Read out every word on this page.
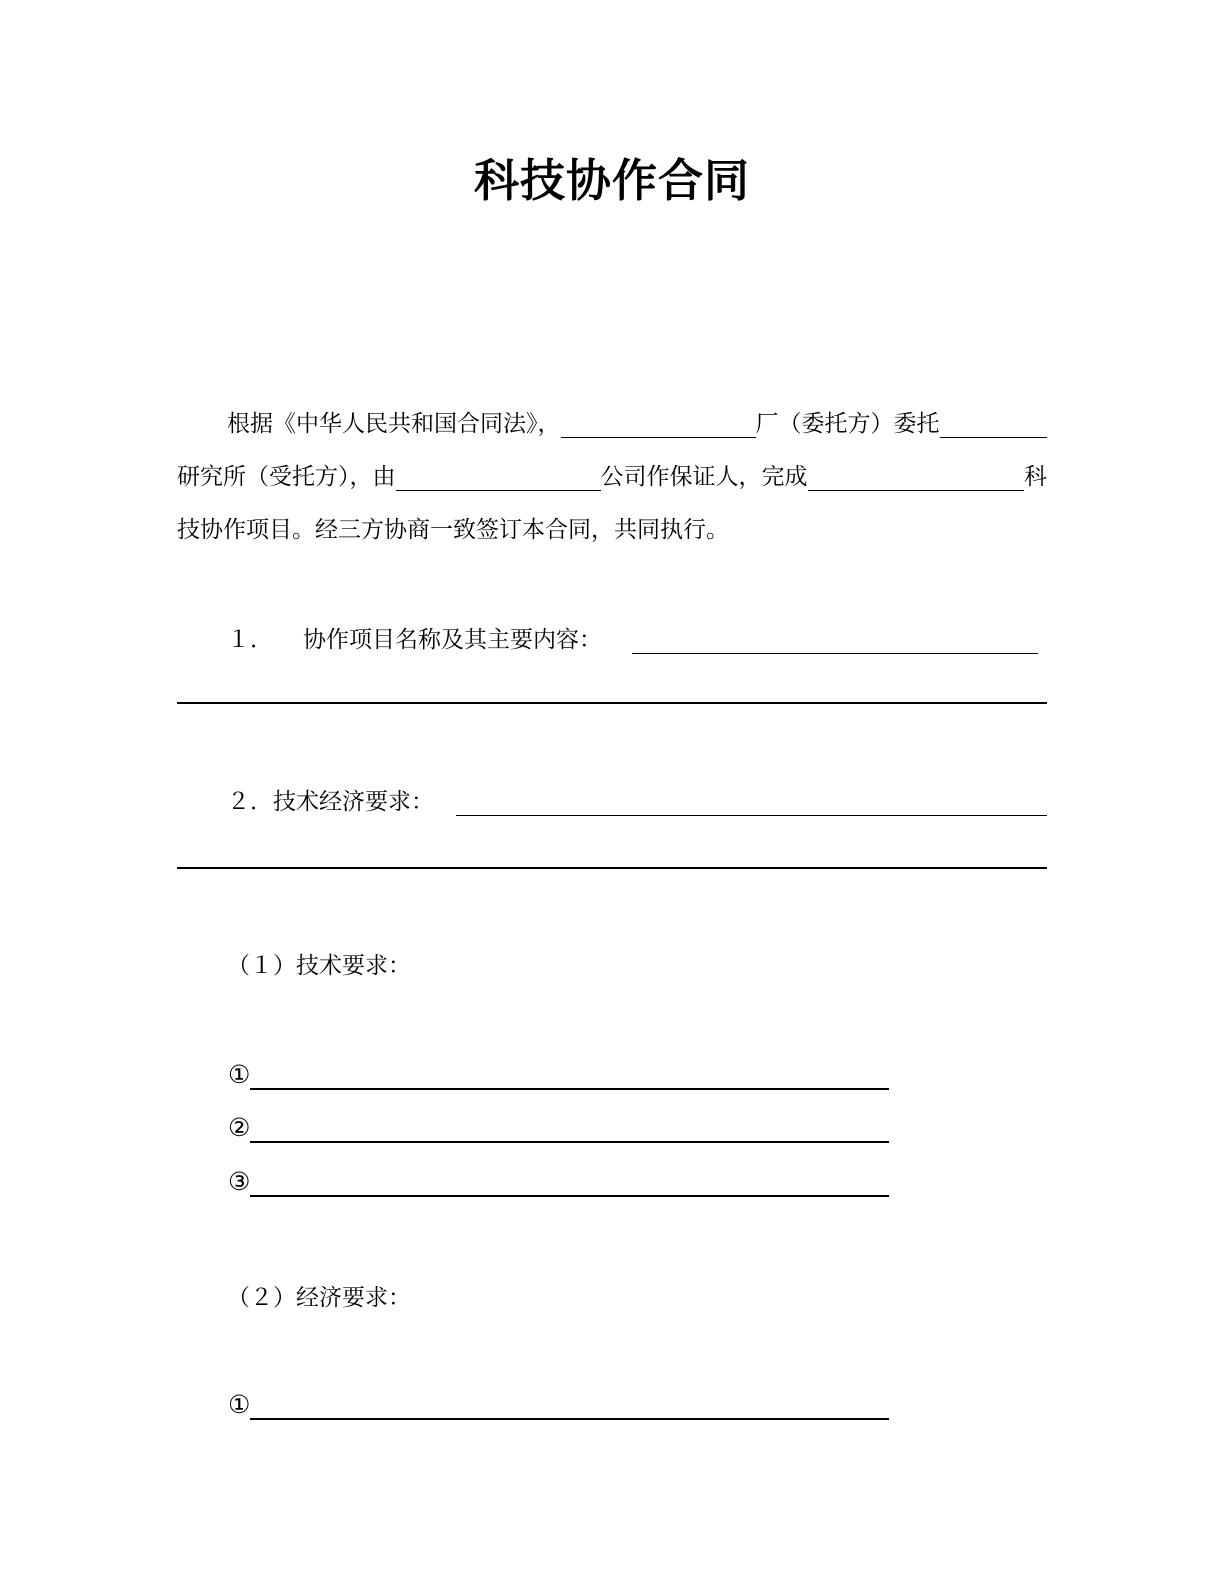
科技协作合同
根据《中华人民共和国合同法》，	厂（委托方）委托
研究所（受托方），由	公司作保证人，完成	科
技协作项目。经三方协商一致签订本合同，共同执行。
１． 协作项目名称及其主要内容：
２． 技术经济要求：
（１）技术要求：
①
②
③
（２）经济要求：
①
